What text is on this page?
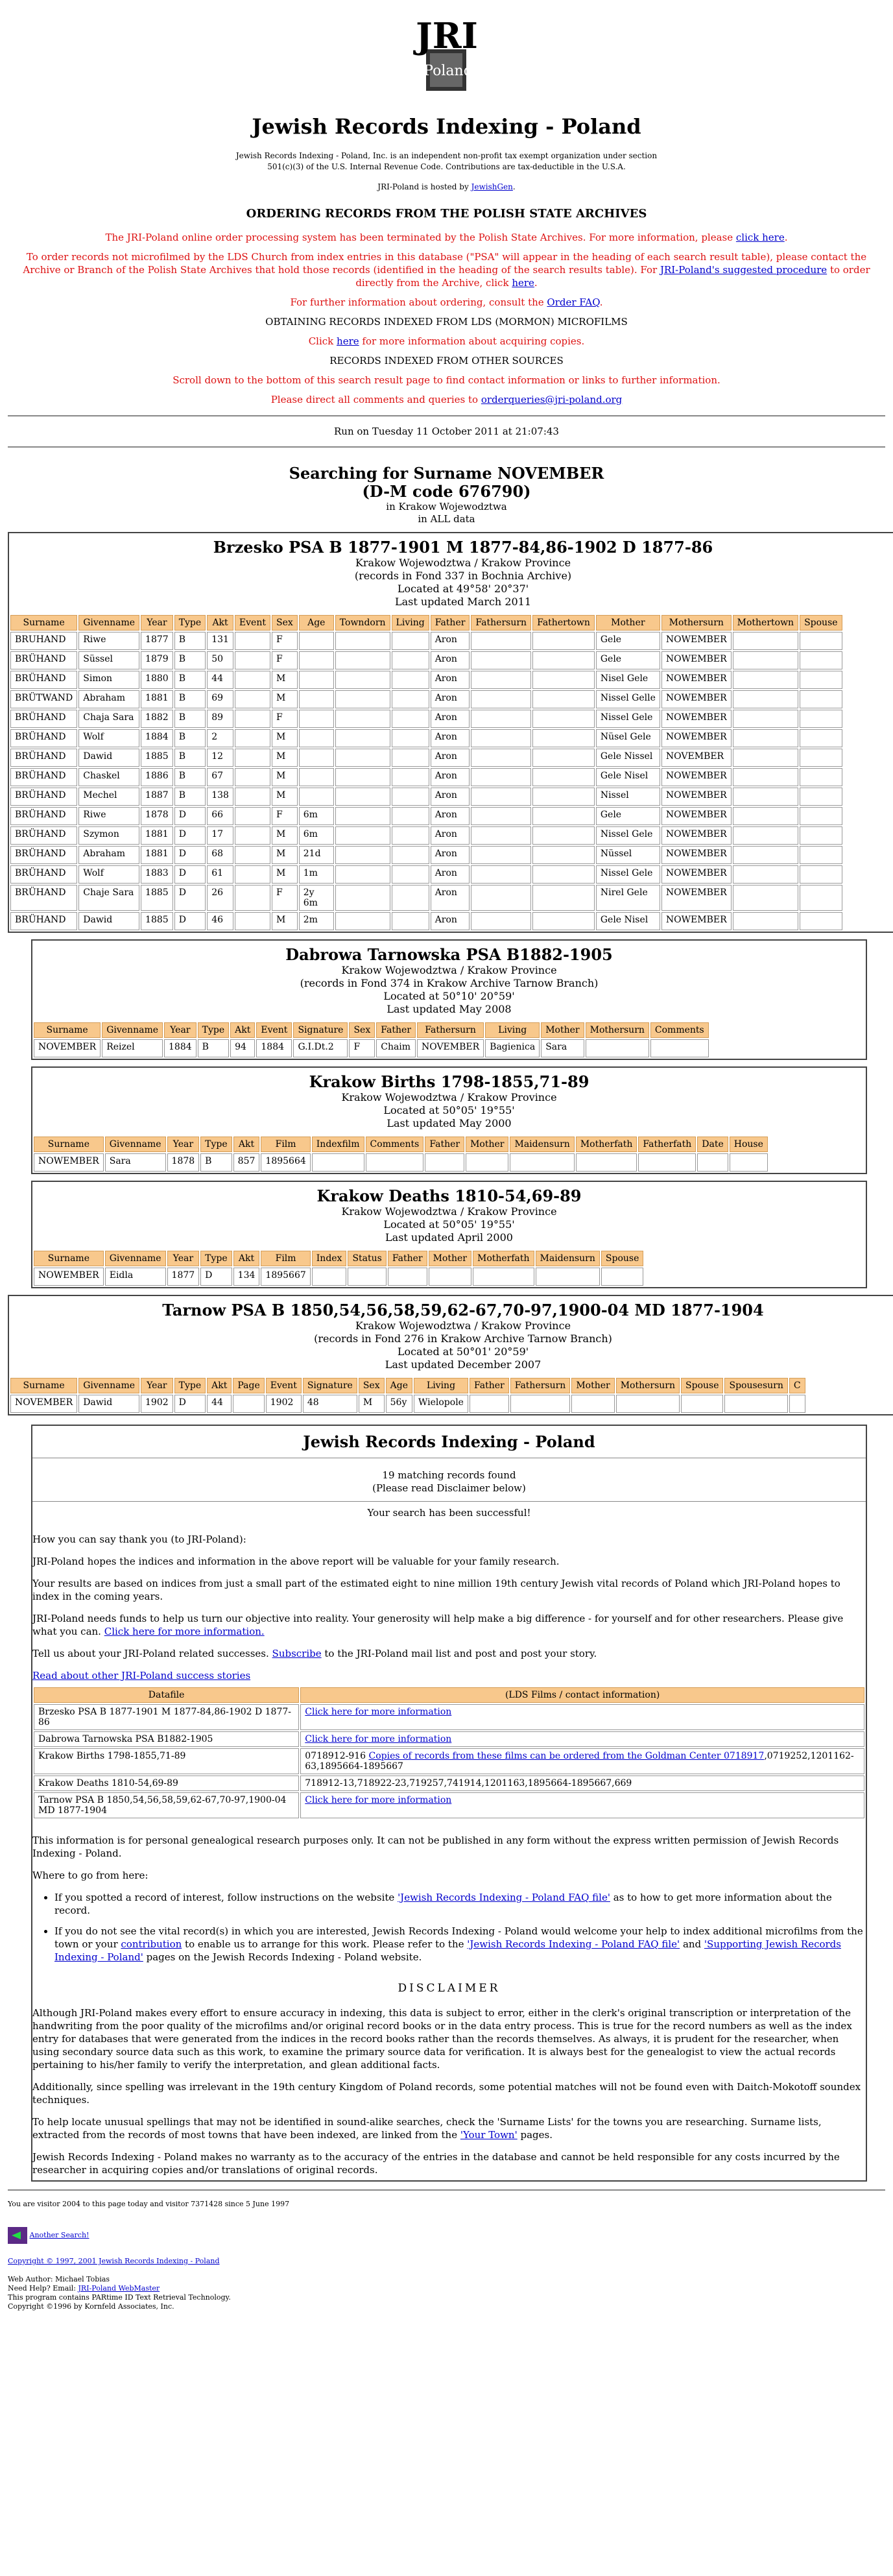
JRI
Poland
Jewish Records Indexing - Poland
Jewish Records Indexing - Poland, Inc. is an independent non-profit tax exempt organization under section
501(c)(3) of the U.S. Internal Revenue Code. Contributions are tax-deductible in the U.S.A.
JRI-Poland is hosted by JewishGen.
ORDERING RECORDS FROM THE POLISH STATE ARCHIVES

The JRI-Poland online order processing system has been terminated by the Polish State Archives. For more information, please click here.

To order records not microfilmed by the LDS Church from index entries in this database ("PSA" will appear in the heading of each search result table), please contact the Archive or Branch of the Polish State Archives that hold those records (identified in the heading of the search results table). For JRI-Poland's suggested procedure to order directly from the Archive, click here.

For further information about ordering, consult the Order FAQ.

OBTAINING RECORDS INDEXED FROM LDS (MORMON) MICROFILMS

Click here for more information about acquiring copies.

RECORDS INDEXED FROM OTHER SOURCES

Scroll down to the bottom of this search result page to find contact information or links to further information.

Please direct all comments and queries to orderqueries@jri-poland.org

Run on Tuesday 11 October 2011 at 21:07:43
Searching for Surname NOVEMBER
(D-M code 676790)
in Krakow Wojewodztwa
in ALL data
Brzesko PSA B 1877-1901 M 1877-84,86-1902 D 1877-86
Krakow Wojewodztwa / Krakow Province
(records in Fond 337 in Bochnia Archive)
Located at 49°58' 20°37'
Last updated March 2011
Surname	Givenname	Year	Type	Akt	Event	Sex	Age	Towndorn	Living	Father	Fathersurn	Fathertown	Mother	Mothersurn	Mothertown	Spouse
BRUHAND	Riwe	1877	B	131		F				Aron			Gele	NOWEMBER		
BRÜHAND	Süssel	1879	B	50		F				Aron			Gele	NOWEMBER		
BRÜHAND	Simon	1880	B	44		M				Aron			Nisel Gele	NOWEMBER		
BRÜTWAND	Abraham	1881	B	69		M				Aron			Nissel Gelle	NOWEMBER		
BRÜHAND	Chaja Sara	1882	B	89		F				Aron			Nissel Gele	NOWEMBER		
BRÜHAND	Wolf	1884	B	2		M				Aron			Nüsel Gele	NOWEMBER		
BRÜHAND	Dawid	1885	B	12		M				Aron			Gele Nissel	NOVEMBER		
BRÜHAND	Chaskel	1886	B	67		M				Aron			Gele Nisel	NOWEMBER		
BRÜHAND	Mechel	1887	B	138		M				Aron			Nissel	NOWEMBER		
BRÜHAND	Riwe	1878	D	66		F	6m			Aron			Gele	NOWEMBER		
BRÜHAND	Szymon	1881	D	17		M	6m			Aron			Nissel Gele	NOWEMBER		
BRÜHAND	Abraham	1881	D	68		M	21d			Aron			Nüssel	NOWEMBER		
BRÜHAND	Wolf	1883	D	61		M	1m			Aron			Nissel Gele	NOWEMBER		
BRÜHAND	Chaje Sara	1885	D	26		F	2y 6m			Aron			Nirel Gele	NOWEMBER		
BRÜHAND	Dawid	1885	D	46		M	2m			Aron			Gele Nisel	NOWEMBER		
Dabrowa Tarnowska PSA B1882-1905
Krakow Wojewodztwa / Krakow Province
(records in Fond 374 in Krakow Archive Tarnow Branch)
Located at 50°10' 20°59'
Last updated May 2008
Surname	Givenname	Year	Type	Akt	Event	Signature	Sex	Father	Fathersurn	Living	Mother	Mothersurn	Comments
NOVEMBER	Reizel	1884	B	94	1884	G.I.Dt.2	F	Chaim	NOVEMBER	Bagienica	Sara		
Krakow Births 1798-1855,71-89
Krakow Wojewodztwa / Krakow Province
Located at 50°05' 19°55'
Last updated May 2000
Surname	Givenname	Year	Type	Akt	Film	Indexfilm	Comments	Father	Mother	Maidensurn	Motherfath	Fatherfath	Date	House
NOWEMBER	Sara	1878	B	857	1895664									
Krakow Deaths 1810-54,69-89
Krakow Wojewodztwa / Krakow Province
Located at 50°05' 19°55'
Last updated April 2000
Surname	Givenname	Year	Type	Akt	Film	Index	Status	Father	Mother	Motherfath	Maidensurn	Spouse
NOWEMBER	Eidla	1877	D	134	1895667							
Tarnow PSA B 1850,54,56,58,59,62-67,70-97,1900-04 MD 1877-1904
Krakow Wojewodztwa / Krakow Province
(records in Fond 276 in Krakow Archive Tarnow Branch)
Located at 50°01' 20°59'
Last updated December 2007
Surname	Givenname	Year	Type	Akt	Page	Event	Signature	Sex	Age	Living	Father	Fathersurn	Mother	Mothersurn	Spouse	Spousesurn	C
NOVEMBER	Dawid	1902	D	44		1902	48	M	56y	Wielopole							
Jewish Records Indexing - Poland
19 matching records found
(Please read Disclaimer below)
Your search has been successful!

How you can say thank you (to JRI-Poland):

JRI-Poland hopes the indices and information in the above report will be valuable for your family research.

Your results are based on indices from just a small part of the estimated eight to nine million 19th century Jewish vital records of Poland which JRI-Poland hopes to index in the coming years.

JRI-Poland needs funds to help us turn our objective into reality. Your generosity will help make a big difference - for yourself and for other researchers. Please give what you can. Click here for more information.

Tell us about your JRI-Poland related successes. Subscribe to the JRI-Poland mail list and post and post your story.

Read about other JRI-Poland success stories

Datafile	(LDS Films / contact information)
Brzesko PSA B 1877-1901 M 1877-84,86-1902 D 1877-86	Click here for more information
Dabrowa Tarnowska PSA B1882-1905	Click here for more information
Krakow Births 1798-1855,71-89	0718912-916 Copies of records from these films can be ordered from the Goldman Center 0718917,0719252,1201162-63,1895664-1895667
Krakow Deaths 1810-54,69-89	718912-13,718922-23,719257,741914,1201163,1895664-1895667,669
Tarnow PSA B 1850,54,56,58,59,62-67,70-97,1900-04 MD 1877-1904	Click here for more information

This information is for personal genealogical research purposes only. It can not be published in any form without the express written permission of Jewish Records Indexing - Poland.

Where to go from here:

• If you spotted a record of interest, follow instructions on the website 'Jewish Records Indexing - Poland FAQ file' as to how to get more information about the record.
• If you do not see the vital record(s) in which you are interested, Jewish Records Indexing - Poland would welcome your help to index additional microfilms from the town or your contribution to enable us to arrange for this work. Please refer to the 'Jewish Records Indexing - Poland FAQ file' and 'Supporting Jewish Records Indexing - Poland' pages on the Jewish Records Indexing - Poland website.
DISCLAIMER

Although JRI-Poland makes every effort to ensure accuracy in indexing, this data is subject to error, either in the clerk's original transcription or interpretation of the handwriting from the poor quality of the microfilms and/or original record books or in the data entry process. This is true for the record numbers as well as the index entry for databases that were generated from the indices in the record books rather than the records themselves. As always, it is prudent for the researcher, when using secondary source data such as this work, to examine the primary source data for verification. It is always best for the genealogist to view the actual records pertaining to his/her family to verify the interpretation, and glean additional facts.

Additionally, since spelling was irrelevant in the 19th century Kingdom of Poland records, some potential matches will not be found even with Daitch-Mokotoff soundex techniques.

To help locate unusual spellings that may not be identified in sound-alike searches, check the 'Surname Lists' for the towns you are researching. Surname lists, extracted from the records of most towns that have been indexed, are linked from the 'Your Town' pages.

Jewish Records Indexing - Poland makes no warranty as to the accuracy of the entries in the database and cannot be held responsible for any costs incurred by the researcher in acquiring copies and/or translations of original records.

You are visitor 2004 to this page today and visitor 7371428 since 5 June 1997
Another Search!
Copyright © 1997, 2001 Jewish Records Indexing - Poland
Web Author: Michael Tobias
Need Help? Email: JRI-Poland WebMaster
This program contains PARtime ID Text Retrieval Technology.
Copyright ©1996 by Kornfeld Associates, Inc.
